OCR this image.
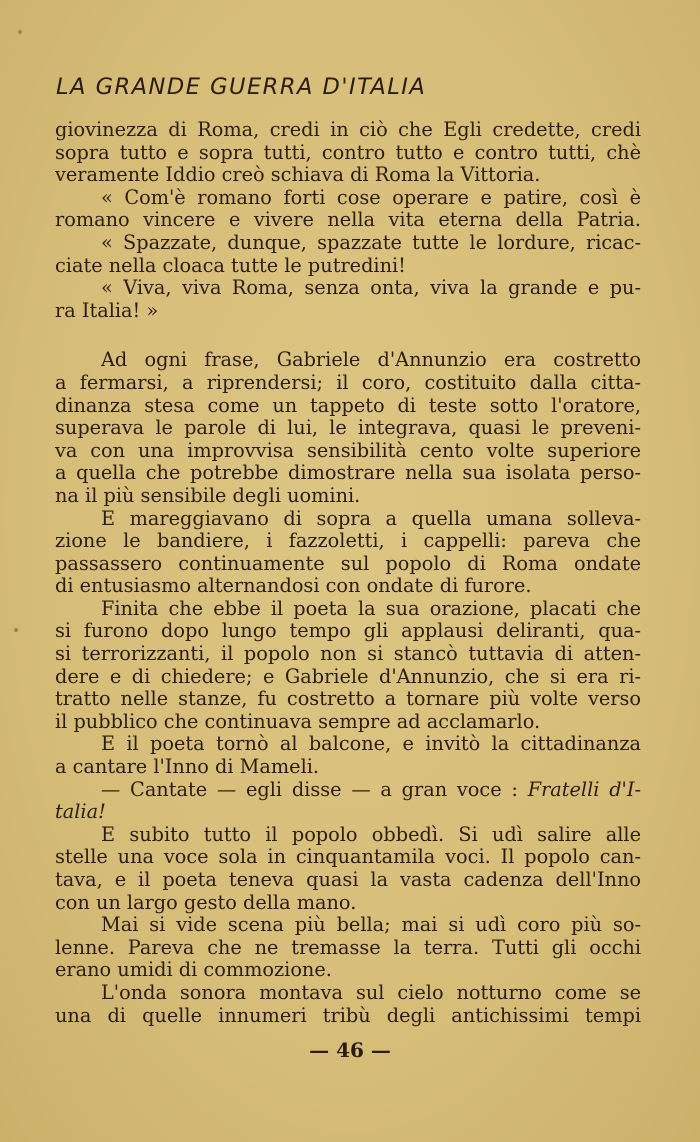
LA GRANDE GUERRA D'ITALIA
giovinezza di Roma, credi in ciò che Egli credette, credi
sopra tutto e sopra tutti, contro tutto e contro tutti, chè
veramente Iddio creò schiava di Roma la Vittoria.
« Com'è romano forti cose operare e patire, così è
romano vincere e vivere nella vita eterna della Patria.
« Spazzate, dunque, spazzate tutte le lordure, ricac-
ciate nella cloaca tutte le putredini!
« Viva, viva Roma, senza onta, viva la grande e pu-
ra Italia! »
Ad ogni frase, Gabriele d'Annunzio era costretto
a fermarsi, a riprendersi; il coro, costituito dalla citta-
dinanza stesa come un tappeto di teste sotto l'oratore,
superava le parole di lui, le integrava, quasi le preveni-
va con una improvvisa sensibilità cento volte superiore
a quella che potrebbe dimostrare nella sua isolata perso-
na il più sensibile degli uomini.
E mareggiavano di sopra a quella umana solleva-
zione le bandiere, i fazzoletti, i cappelli: pareva che
passassero continuamente sul popolo di Roma ondate
di entusiasmo alternandosi con ondate di furore.
Finita che ebbe il poeta la sua orazione, placati che
si furono dopo lungo tempo gli applausi deliranti, qua-
si terrorizzanti, il popolo non si stancò tuttavia di atten-
dere e di chiedere; e Gabriele d'Annunzio, che si era ri-
tratto nelle stanze, fu costretto a tornare più volte verso
il pubblico che continuava sempre ad acclamarlo.
E il poeta tornò al balcone, e invitò la cittadinanza
a cantare l'Inno di Mameli.
— Cantate — egli disse — a gran voce : Fratelli d'I-
talia!
E subito tutto il popolo obbedì. Si udì salire alle
stelle una voce sola in cinquantamila voci. Il popolo can-
tava, e il poeta teneva quasi la vasta cadenza dell'Inno
con un largo gesto della mano.
Mai si vide scena più bella; mai si udì coro più so-
lenne. Pareva che ne tremasse la terra. Tutti gli occhi
erano umidi di commozione.
L'onda sonora montava sul cielo notturno come se
una di quelle innumeri tribù degli antichissimi tempi
— 46 —
